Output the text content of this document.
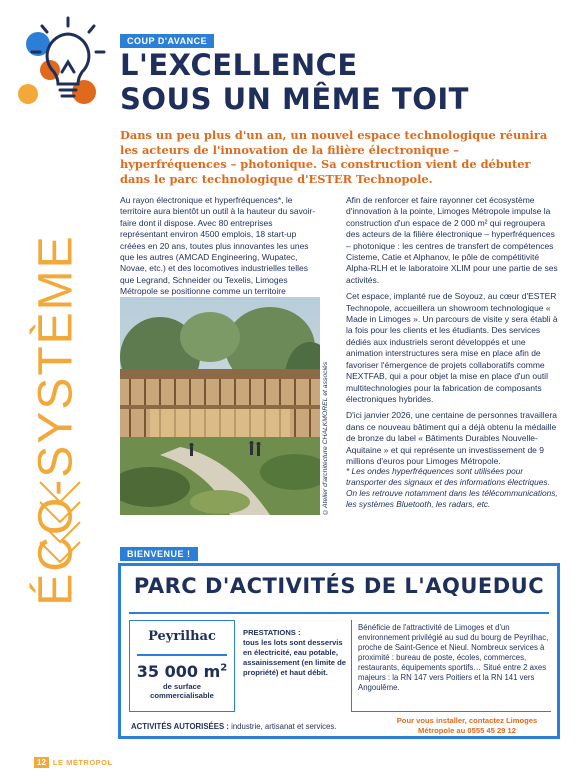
ÉCO-SYSTÈME
COUP D'AVANCE
L'EXCELLENCE
SOUS UN MÊME TOIT

Dans un peu plus d'un an, un nouvel espace technologique réunira les acteurs de l'innovation de la filière électronique – hyperfréquences – photonique. Sa construction vient de débuter dans le parc technologique d'ESTER Technopole.

Au rayon électronique et hyperfréquences*, le territoire aura bientôt un outil à la hauteur du savoir-faire dont il dispose. Avec 80 entreprises représentant environ 4500 emplois, 18 start-up créées en 20 ans, toutes plus innovantes les unes que les autres (AMCAD Engineering, Wupatec, Novae, etc.) et des locomotives industrielles telles que Legrand, Schneider ou Texelis, Limoges Métropole se positionne comme un territoire

©Atelier d'architecture CHALKMOREL et associés

Afin de renforcer et faire rayonner cet écosystème d'innovation à la pointe, Limoges Métropole impulse la construction d'un espace de 2 000 m² qui regroupera des acteurs de la filière électronique – hyperfréquences – photonique : les centres de transfert de compétences Cisteme, Catie et Alphanov, le pôle de compétitivité Alpha-RLH et le laboratoire XLIM pour une partie de ses activités.

Cet espace, implanté rue de Soyouz, au cœur d'ESTER Technopole, accueillera un showroom technologique « Made in Limoges ». Un parcours de visite y sera établi à la fois pour les clients et les étudiants. Des services dédiés aux industriels seront développés et une animation interstructures sera mise en place afin de favoriser l'émergence de projets collaboratifs comme NEXTFAB, qui a pour objet la mise en place d'un outil multitechnologies pour la fabrication de composants électroniques hybrides.

D'ici janvier 2026, une centaine de personnes travaillera dans ce nouveau bâtiment qui a déjà obtenu la médaille de bronze du label « Bâtiments Durables Nouvelle-Aquitaine » et qui représente un investissement de 9 millions d'euros pour Limoges Métropole.

* Les ondes hyperfréquences sont utilisées pour transporter des signaux et des informations électriques. On les retrouve notamment dans les télécommunications, les systèmes Bluetooth, les radars, etc.

BIENVENUE !
PARC D'ACTIVITÉS DE L'AQUEDUC
Peyrilhac
35 000 $m^2$
de surface commercialisable
PRESTATIONS :
tous les lots sont desservis en électricité, eau potable, assainissement (en limite de propriété) et haut débit.
Bénéficie de l'attractivité de Limoges et d'un environnement privilégié au sud du bourg de Peyrilhac, proche de Saint-Gence et Nieul. Nombreux services à proximité : bureau de poste, écoles, commerces, restaurants, équipements sportifs… Situé entre 2 axes majeurs : la RN 147 vers Poitiers et la RN 141 vers Angoulême.
ACTIVITÉS AUTORISÉES : industrie, artisanat et services.
Pour vous installer, contactez Limoges Métropole au 0555 45 29 12
12 LE MÉTROPOL
